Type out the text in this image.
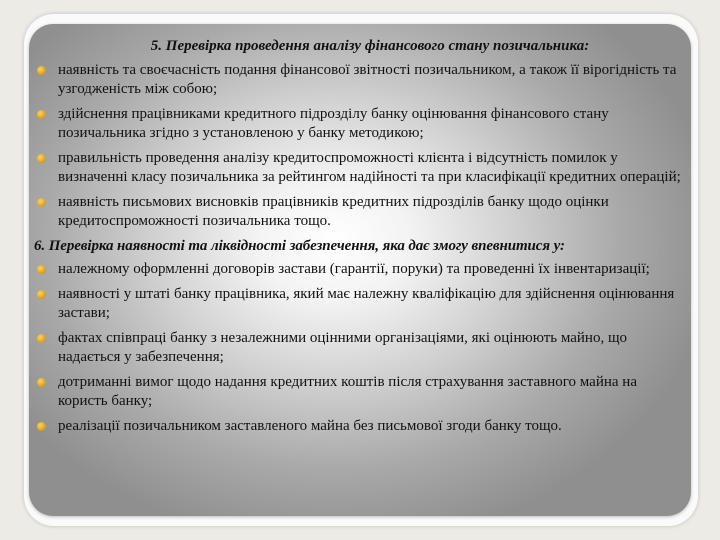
5. Перевірка проведення аналізу фінансового стану позичальника:

наявність та своєчасність подання фінансової звітності позичальником, а також її вірогідність та узгодженість між собою;
здійснення працівниками кредитного підрозділу банку оцінювання фінансового стану позичальника згідно з установленою у банку методикою;
правильність проведення аналізу кредитоспроможності клієнта і відсутність помилок у визначенні класу позичальника за рейтингом надійності та при класифікації кредитних операцій;
наявність письмових висновків працівників кредитних підрозділів банку щодо оцінки кредитоспроможності позичальника тощо.

6. Перевірка наявності та ліквідності забезпечення, яка дає змогу впевнитися у:

належному оформленні договорів застави (гарантії, поруки) та проведенні їх інвентаризації;
наявності у штаті банку працівника, який має належну кваліфікацію для здійснення оцінювання застави;
фактах співпраці банку з незалежними оцінними організаціями, які оцінюють майно, що надається у забезпечення;
дотриманні вимог щодо надання кредитних коштів після страхування заставного майна на користь банку;
реалізації позичальником заставленого майна без письмової згоди банку тощо.
